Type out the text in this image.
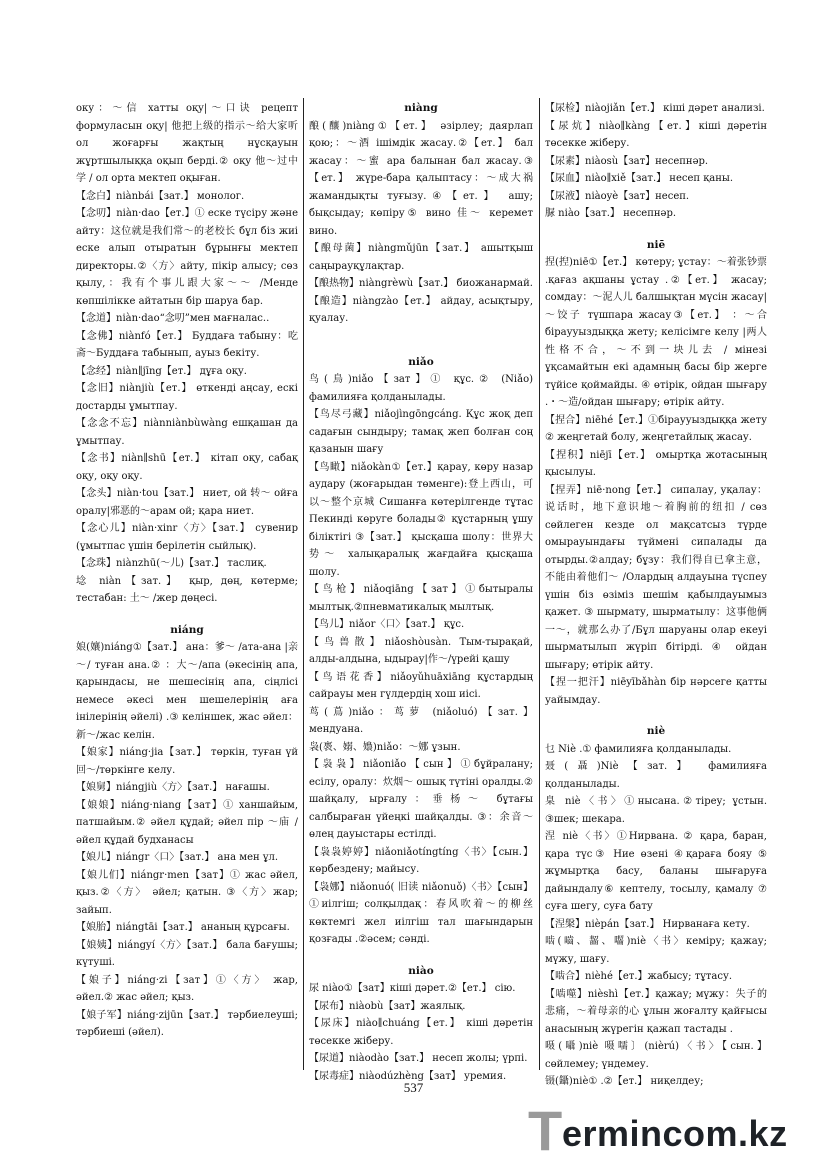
оку：～信 хатты оқу|～口诀 рецепт формуласын оқу| 他把上级的指示～给大家听 ол жоғарғы жақтың нұсқауын жұртшылыққа оқып берді.② оқу 他～过中学 / ол орта мектеп оқыған.

【念白】niànbái【зат.】 монолог.

【念叨】niàn·dao【ет.】① еске түсіру және айту：这位就是我们常～的老校长 бұл біз жиі еске алып отыратын бұрынғы мектеп директоры.②〈方〉айту, пікір алысу; сөз қылу,：我有个事儿跟大家～～ /Менде көпшілікке айтатын бір шаруа бар.

【念道】niàn·dao“念叨”мен мағналас..

【念佛】niànfó【ет.】 Буддаға табыну：吃斋～Буддаға табынып, ауыз бекіту.

【念经】niàn∥jīng【ет.】 дұға оқу.

【念旧】niànjiù【ет.】 өткенді аңсау, ескі достарды ұмытпау.

【念念不忘】niànniànbùwàng ешқашан да ұмытпау.

【念书】niàn∥shū【ет.】 кітап оқу, сабақ оқу, оқу оқу.

【念头】niàn·tou【зат.】 ниет, ой 转～ ойға оралу|邪恶的～арам ой; қара ниет.

【念心儿】niàn·xinr〈方〉【зат.】 сувенир (ұмытпас үшін берілетін сыйлық).

【念珠】niànzhū(～儿)【зат.】 таслиқ.

埝 niàn【зат.】 қыр, дөң, көтерме; тестабан: 土～ /жер дөңесі.

niáng

娘(孃)niáng①【зат.】 ана：爹～ /ата-ана |亲～/ туған ана.② ：大～/апа (әкесінің апа, қарындасы, не шешесінің апа, сіңлісі немесе әкесі мен шешелерінің аға інілерінің әйелі) .③ келіншек, жас әйел：新～/жас келін.

【娘家】niáng·jia【зат.】 төркін, туған үй 回～/төркінге келу.

【娘舅】niángjiù〈方〉【зат.】 нағашы.

【娘娘】niáng·niang【зат】① ханшайым, патшайым.② әйел құдай; әйел пір ～庙 /әйел құдай будханасы

【娘儿】niángr〈口〉【зат.】 ана мен ұл.

【娘儿们】niángr·men【зат】① жас әйел, қыз.②〈方〉 әйел; қатын. ③〈方〉жар; зайып.

【娘胎】niángtāi【зат.】 ананың құрсағы.

【娘姨】niángyí〈方〉【зат.】 бала бағушы; күтуші.

【娘子】niáng·zi【зат】①〈方〉 жар, әйел.② жас әйел; қыз.

【娘子军】niáng·zijūn【зат.】 тәрбиелеуші; тәрбиеші (әйел).

niàng

酿(釀)niàng①【ет.】 әзірлеу; даярлап қою;：～酒 ішімдік жасау.②【ет.】 бал жасау：～蜜 ара балынан бал жасау.③【ет.】 жүре-бара қалыптасу：～成大祸 жамандықты туғызу.④【ет.】 ашу; бықсыдау; көпіру⑤ вино 佳～ керемет вино.

【酿母菌】niàngmǔjūn【зат.】 ашытқыш саңырауқұлақтар.

【酿热物】niàngrèwù【зат.】 биожанармай.

【酿造】niàngzào【ет.】 айдау, асықтыру, қуалау.

niǎo

鸟(鳥)niǎo【зат】① құс.② (Niǎo) фамилияға қолданылады.

【鸟尽弓藏】niǎojìngōngcáng. Құс жоқ деп садағын сындыру; тамақ жеп болған соң қазанын шағу

【鸟瞰】niǎokàn①【ет.】қарау, көру назар аудару (жоғарыдан төменге):登上西山，可以～整个京城 Сишанға көтерілгенде тұтас Пекинді көруге болады② құстарның ұшу біліктігі ③【зат.】 қысқаша шолу：世界大势～ халықаралық жағдайға қысқаша шолу.

【鸟枪】niǎoqiāng【зат】①бытыралы мылтық.②пневматикалық мылтық.

【鸟儿】niǎor〈口〉【зат.】 құс.

【鸟兽散】niǎoshòusàn. Тым-тырақай, алды-алдына, ыдырау|作～/үрейі қашу

【鸟语花香】niǎoyǔhuāxiāng құстардың сайрауы мен гүлдердің хош иісі.

茑(蔦)niǎo：茑萝 (niǎoluó)【зат.】 мендуана.

袅(褭、嫋、嬝)niǎo：～娜 ұзын.

【袅袅】niǎoniǎo【сын】①бұйралану; есілу, оралу：炊烟～ ошық түтіні оралды.② шайқалу, ырғалу：垂杨～ бұтағы салбыраған үйеңкі шайқалды. ③：余音～ өлең дауыстары естілді.

【袅袅婷婷】niǎoniǎotíngtíng〈书〉【сын.】 көрбездену; майысу.

【袅娜】niǎonuó( 旧读 niǎonuǒ)〈书〉【сын】①иілгіш; солқылдақ：春风吹着～的柳丝 көктемгі жел иілгіш тал шағындарын қозғады .②әсем; сәнді.

niào

尿 niào①【зат】кіші дәрет.②【ет.】 сію.

【尿布】niàobù【зат】жаялық.

【尿床】niào∥chuáng【ет.】 кіші дәретін төсекке жіберу.

【尿道】niàodào【зат.】 несеп жолы; үрпі.

【尿毒症】niàodúzhèng【зат】 уремия.

【尿检】niàojiǎn【ет.】 кіші дәрет анализі.

【尿炕】niào∥kàng【ет.】кіші дәретін төсекке жіберу.

【尿素】niàosù【зат】несепнәр.

【尿血】niào∥xiě【зат.】 несеп қаны.

【尿液】niàoyè【зат】несеп.

脲 niào【зат.】 несепнәр.

niē

捏(揑)niē①【ет.】 көтеру; ұстау：～着张钞票 .қағаз ақшаны ұстау .②【ет.】 жасау; сомдау：～泥人儿 балшықтан мүсін жасау|～饺子 түшпара жасау③【ет.】 ：～合 біраууыздыққа жету; келісімге келу |两人性格不合，～不到一块儿去 / мінезі ұқсамайтын екі адамның басы бір жерге түйісе қоймайды. ④ өтірік, ойдан шығару .・～造/ойдан шығару; өтірік айту.

【捏合】niēhé【ет.】①біраууыздыққа жету ② жеңгетай болу, жеңгетайлық жасау.

【捏积】niējī【ет.】 омыртқа жотасының қысылуы.

【捏弄】niē·nong【ет.】 сипалау, уқалау：说话时，地下意识地～着胸前的纽扣 / сөз сөйлеген кезде ол мақсатсыз түрде омырауындағы түймені сипалады да отырды.②алдау; бұзу：我们得自已拿主意，不能由着他们～ /Олардың алдауына түспеу үшін біз өзіміз шешім қабылдауымыз қажет. ③ шырмату, шырматылу：这事他俩一～，就那么办了/Бұл шаруаны олар екеуі шырматылып жүріп бітірді. ④ ойдан шығару; өтірік айту.

【捏一把汗】niēyībǎhàn бір нәрсеге қатты уайымдау.

niè

乜 Niè .① фамилияға қолданылады.

聂(聶)Niè【зат.】 фамилияға қолданылады.

臬 niè〈书〉①нысана.②тіреу; ұстын. ③шек; шекара.

涅 niè〈书〉①Нирвана. ② қара, баран, қара түс③ Ние өзені ④қараға бояу ⑤ жұмыртқа басу, баланы шығаруға дайындалу⑥ кептелу, тосылу, қамалу ⑦ суға шегу, суға бату

【涅槃】nièpán【зат.】 Нирванаға кету.

啮(嚙、齧、囓)niè〈书〉кеміру; қажау; мүжу, шағу.

【啮合】nièhé【ет.】жабысу; тұтасу.

【啮噬】nièshì【ет.】қажау; мүжу：失子的悲痛，～着母亲的心 ұлын жоғалту қайғысы анасының жүрегін қажап тастады .

嗫(囁)niè 嗫嚅〕(nièrú)〈书〉【сын.】 сөйлемеу; үндемеу.

镊(鑷)niè① .②【ет.】 ниқелдеу;

537
T ermincom.kz
